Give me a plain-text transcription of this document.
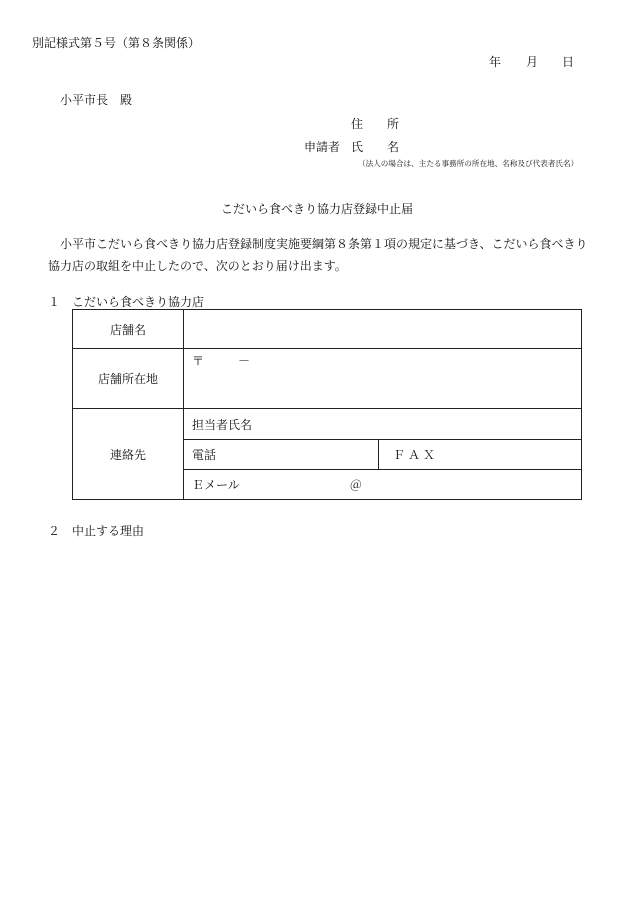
別記様式第５号（第８条関係）
年 月 日
小平市長　殿
住　　所
申請者 氏　　名
（法人の場合は、主たる事務所の所在地、名称及び代表者氏名）
こだいら食べきり協力店登録中止届
小平市こだいら食べきり協力店登録制度実施要綱第８条第１項の規定に基づき、こだいら食べきり協力店の取組を中止したので、次のとおり届け出ます。
１　こだいら食べきり協力店
店舗名		
店舗所在地	〒 －	
連絡先	担当者氏名	
	電話	ＦＡＸ
	Ｅメール ＠	
２　中止する理由
